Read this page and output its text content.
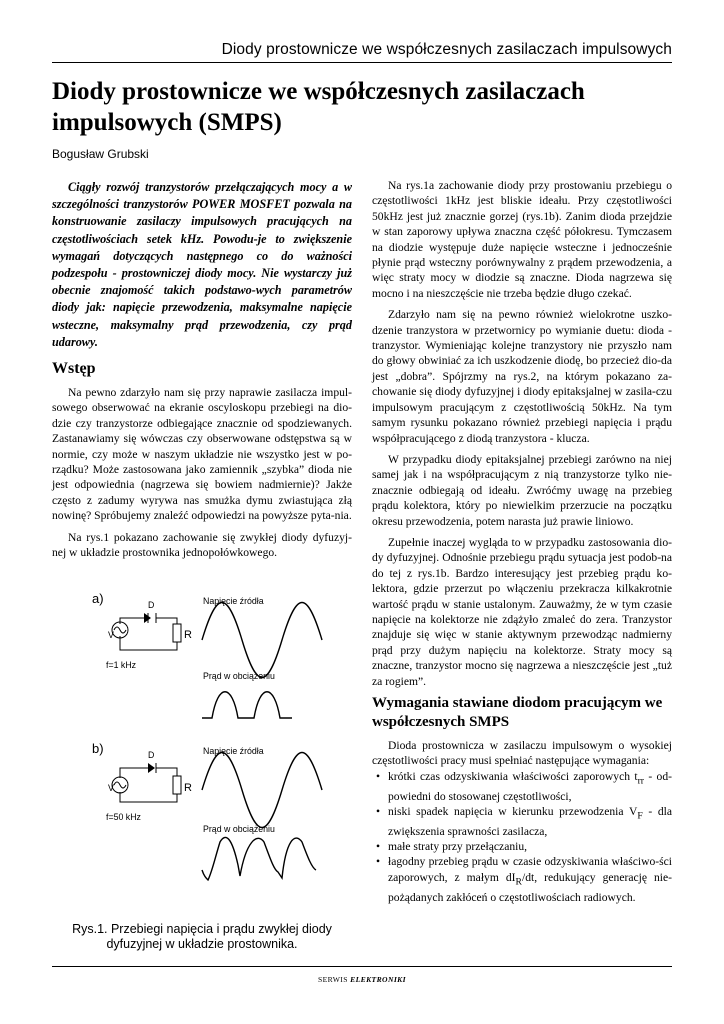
Diody prostownicze we współczesnych zasilaczach impulsowych
Diody prostownicze we współczesnych zasilaczach impulsowych (SMPS)
Bogusław Grubski

Ciągły rozwój tranzystorów przełączających mocy a w szczególności tranzystorów POWER MOSFET pozwala na konstruowanie zasilaczy impulsowych pracujących na częstotliwościach setek kHz. Powodu-je to zwiększenie wymagań dotyczących następnego co do ważności podzespołu - prostowniczej diody mocy. Nie wystarczy już obecnie znajomość takich podstawo-wych parametrów diody jak: napięcie przewodzenia, maksymalne napięcie wsteczne, maksymalny prąd przewodzenia, czy prąd udarowy.

Wstęp

Na pewno zdarzyło nam się przy naprawie zasilacza impul-sowego obserwować na ekranie oscyloskopu przebiegi na dio-dzie czy tranzystorze odbiegające znacznie od spodziewanych. Zastanawiamy się wówczas czy obserwowane odstępstwa są w normie, czy może w naszym układzie nie wszystko jest w po-rządku? Może zastosowana jako zamiennik „szybka” dioda nie jest odpowiednia (nagrzewa się bowiem nadmiernie)? Jakże często z zadumy wyrywa nas smużka dymu zwiastująca złą nowinę? Spróbujemy znaleźć odpowiedzi na powyższe pyta-nia.

Na rys.1 pokazano zachowanie się zwykłej diody dyfuzyj-nej w układzie prostownika jednopołówkowego.

Na rys.1a zachowanie diody przy prostowaniu przebiegu o częstotliwości 1kHz jest bliskie ideału. Przy częstotliwości 50kHz jest już znacznie gorzej (rys.1b). Zanim dioda przejdzie w stan zaporowy upływa znaczna część półokresu. Tymczasem na diodzie występuje duże napięcie wsteczne i jednocześnie płynie prąd wsteczny porównywalny z prądem przewodzenia, a więc straty mocy w diodzie są znaczne. Dioda nagrzewa się mocno i na nieszczęście nie trzeba będzie długo czekać.

Zdarzyło nam się na pewno również wielokrotne uszko-dzenie tranzystora w przetwornicy po wymianie duetu: dioda - tranzystor. Wymieniając kolejne tranzystory nie przyszło nam do głowy obwiniać za ich uszkodzenie diodę, bo przecież dio-da jest „dobra”. Spójrzmy na rys.2, na którym pokazano za-chowanie się diody dyfuzyjnej i diody epitaksjalnej w zasila-czu impulsowym pracującym z częstotliwością 50kHz. Na tym samym rysunku pokazano również przebiegi napięcia i prądu współpracującego z diodą tranzystora - klucza.

W przypadku diody epitaksjalnej przebiegi zarówno na niej samej jak i na współpracującym z nią tranzystorze tylko nie-znacznie odbiegają od ideału. Zwróćmy uwagę na przebieg prądu kolektora, który po niewielkim przerzucie na początku okresu przewodzenia, potem narasta już prawie liniowo.

Zupełnie inaczej wygląda to w przypadku zastosowania dio-dy dyfuzyjnej. Odnośnie przebiegu prądu sytuacja jest podob-na do tej z rys.1b. Bardzo interesujący jest przebieg prądu ko-lektora, gdzie przerzut po włączeniu przekracza kilkakrotnie wartość prądu w stanie ustalonym. Zauważmy, że w tym czasie napięcie na kolektorze nie zdążyło zmaleć do zera. Tranzystor znajduje się więc w stanie aktywnym przewodząc nadmierny prąd przy dużym napięciu na kolektorze. Straty mocy są znaczne, tranzystor mocno się nagrzewa a nieszczęście jest „tuż za rogiem”.

Wymagania stawiane diodom pracującym we współczesnych SMPS

Dioda prostownicza w zasilaczu impulsowym o wysokiej częstotliwości pracy musi spełniać następujące wymagania:

• krótki czas odzyskiwania właściwości zaporowych $t_{rr}$ - od-powiedni do stosowanej częstotliwości,
• niski spadek napięcia w kierunku przewodzenia $V_F$ - dla zwiększenia sprawności zasilacza,
• małe straty przy przełączaniu,
• łagodny przebieg prądu w czasie odzyskiwania właściwo-ści zaporowych, z małym $dI_R/dt$, redukujący generację nie-pożądanych zakłóceń o częstotliwościach radiowych.
a)	D
R
V
f=1 kHz
Napięcie źródła
Prąd w obciążeniu
b)	D
R
V
f=50 kHz
Napięcie źródła
Prąd w obciążeniu
Rys.1. Przebiegi napięcia i prądu zwykłej diody dyfuzyjnej w układzie prostownika.
SERWIS ELEKTRONIKI
